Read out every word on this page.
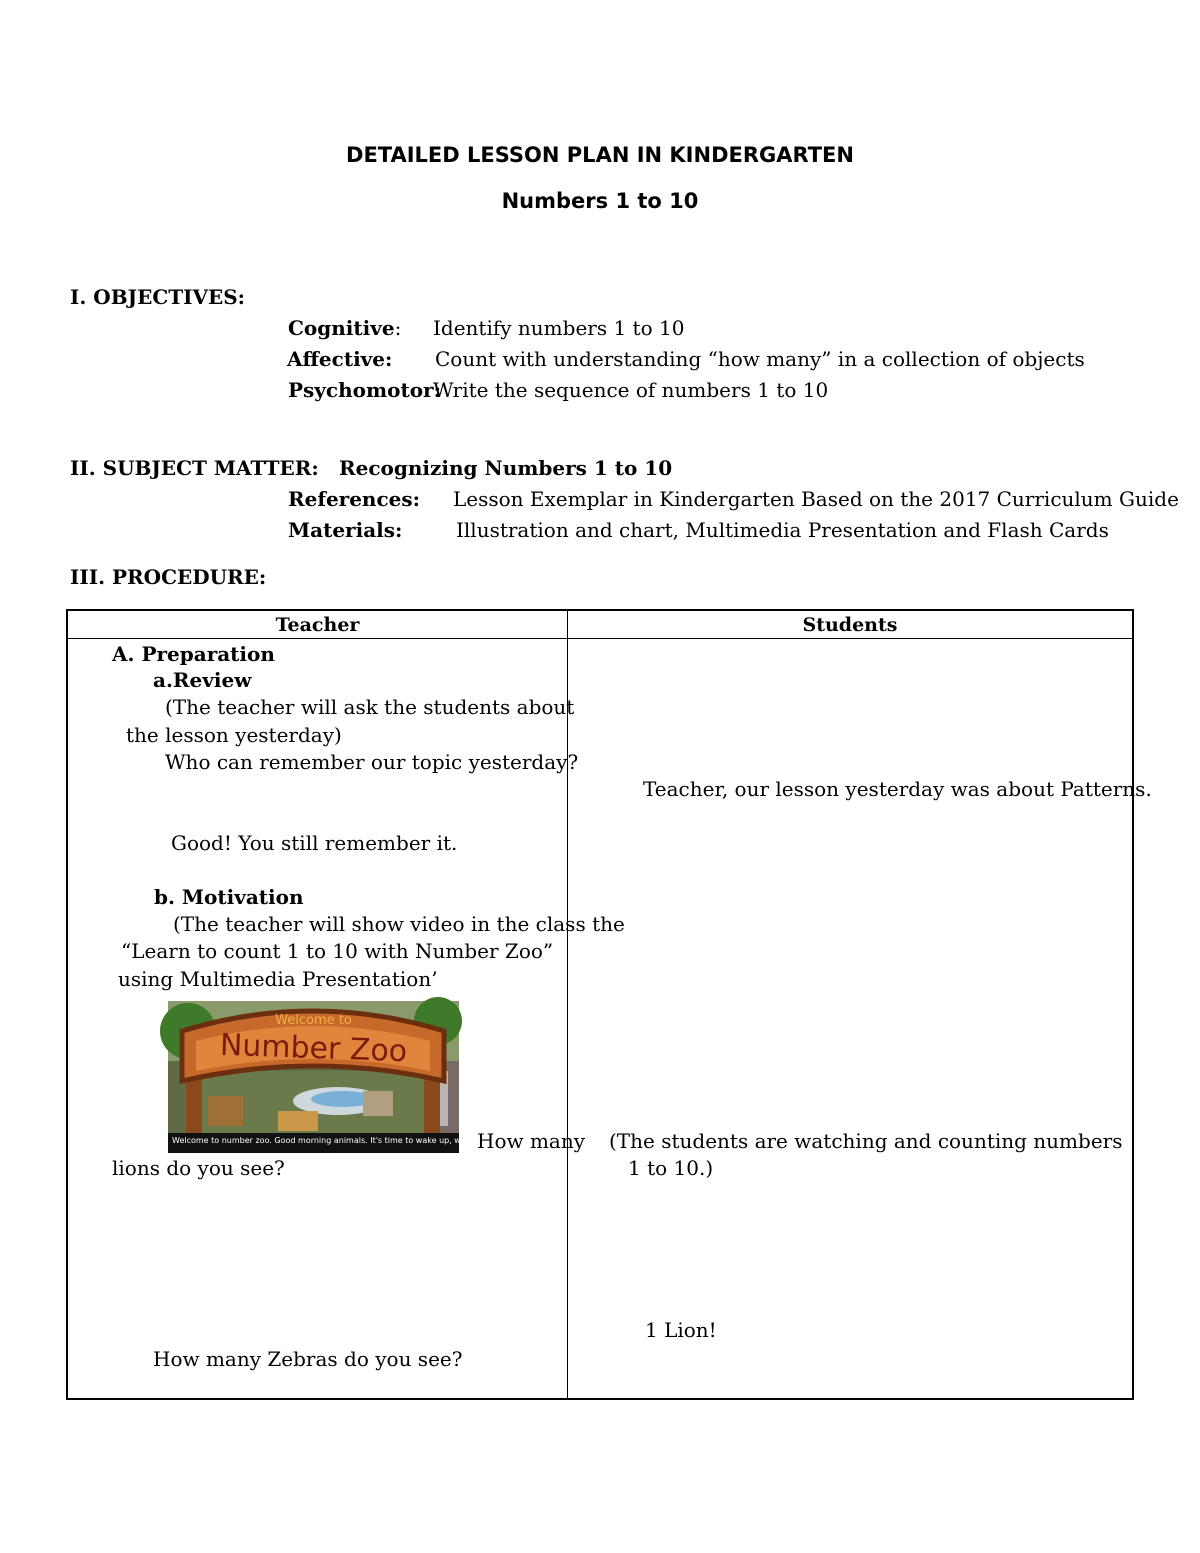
DETAILED LESSON PLAN IN KINDERGARTEN
Numbers 1 to 10
I. OBJECTIVES:
Cognitive: Identify numbers 1 to 10
Affective: Count with understanding “how many” in a collection of objects
Psychomotor:
Write the sequence of numbers 1 to 10
II. SUBJECT MATTER: Recognizing Numbers 1 to 10
References: Lesson Exemplar in Kindergarten Based on the 2017 Curriculum Guide
Materials:	Illustration and chart, Multimedia Presentation and Flash Cards
III. PROCEDURE:
Teacher	Students
A. Preparation
a.Review
(The teacher will ask the students about
the lesson yesterday)
Who can remember our topic yesterday?
Good! You still remember it.
b. Motivation
(The teacher will show video in the class the
“Learn to count 1 to 10 with Number Zoo”
using Multimedia Presentation’
Welcome to
Number Zoo
Welcome to number zoo. Good morning animals. It's time to wake up, wake wake!
How many
lions do you see?
How many Zebras do you see?
Teacher, our lesson yesterday was about Patterns.
(The students are watching and counting numbers
1 to 10.)
1 Lion!
